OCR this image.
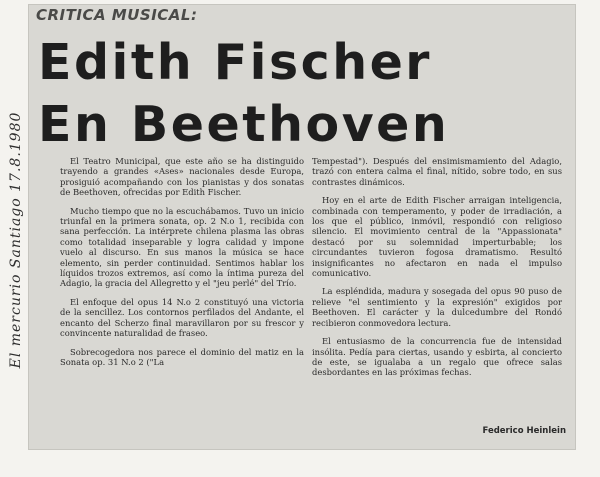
El mercurio Santiago 17.8.1980
CRITICA MUSICAL:
Edith Fischer
En Beethoven

El Teatro Municipal, que este año se ha distinguido trayendo a grandes «Ases» nacionales desde Europa, prosiguió acompañando con los pianistas y dos sonatas de Beethoven, ofrecidas por Edith Fischer.

Mucho tiempo que no la escuchábamos. Tuvo un inicio triunfal en la primera sonata, op. 2 N.o 1, recibida con sana perfección. La intérprete chilena plasma las obras como totalidad inseparable y logra calidad y impone vuelo al discurso. En sus manos la música se hace elemento, sin perder continuidad. Sentimos hablar los líquidos trozos extremos, así como la íntima pureza del Adagio, la gracia del Allegretto y el "jeu perlé" del Trío.

El enfoque del opus 14 N.o 2 constituyó una victoria de la sencillez. Los contornos perfilados del Andante, el encanto del Scherzo final maravillaron por su frescor y convincente naturalidad de fraseo.

Sobrecogedora nos parece el dominio del matiz en la Sonata op. 31 N.o 2 ("La

Tempestad"). Después del ensimismamiento del Adagio, trazó con entera calma el final, nítido, sobre todo, en sus contrastes dinámicos.

Hoy en el arte de Edith Fischer arraigan inteligencia, combinada con temperamento, y poder de irradiación, a los que el público, inmóvil, respondió con religioso silencio. El movimiento central de la "Appassionata" destacó por su solemnidad imperturbable; los circundantes tuvieron fogosa dramatismo. Resultó insignificantes no afectaron en nada el impulso comunicativo.

La espléndida, madura y sosegada del opus 90 puso de relieve "el sentimiento y la expresión" exigidos por Beethoven. El carácter y la dulcedumbre del Rondó recibieron conmovedora lectura.

El entusiasmo de la concurrencia fue de intensidad insólita. Pedía para ciertas, usando y esbirta, al concierto de este, se igualaba a un regalo que ofrece salas desbordantes en las próximas fechas.

Federico Heinlein
